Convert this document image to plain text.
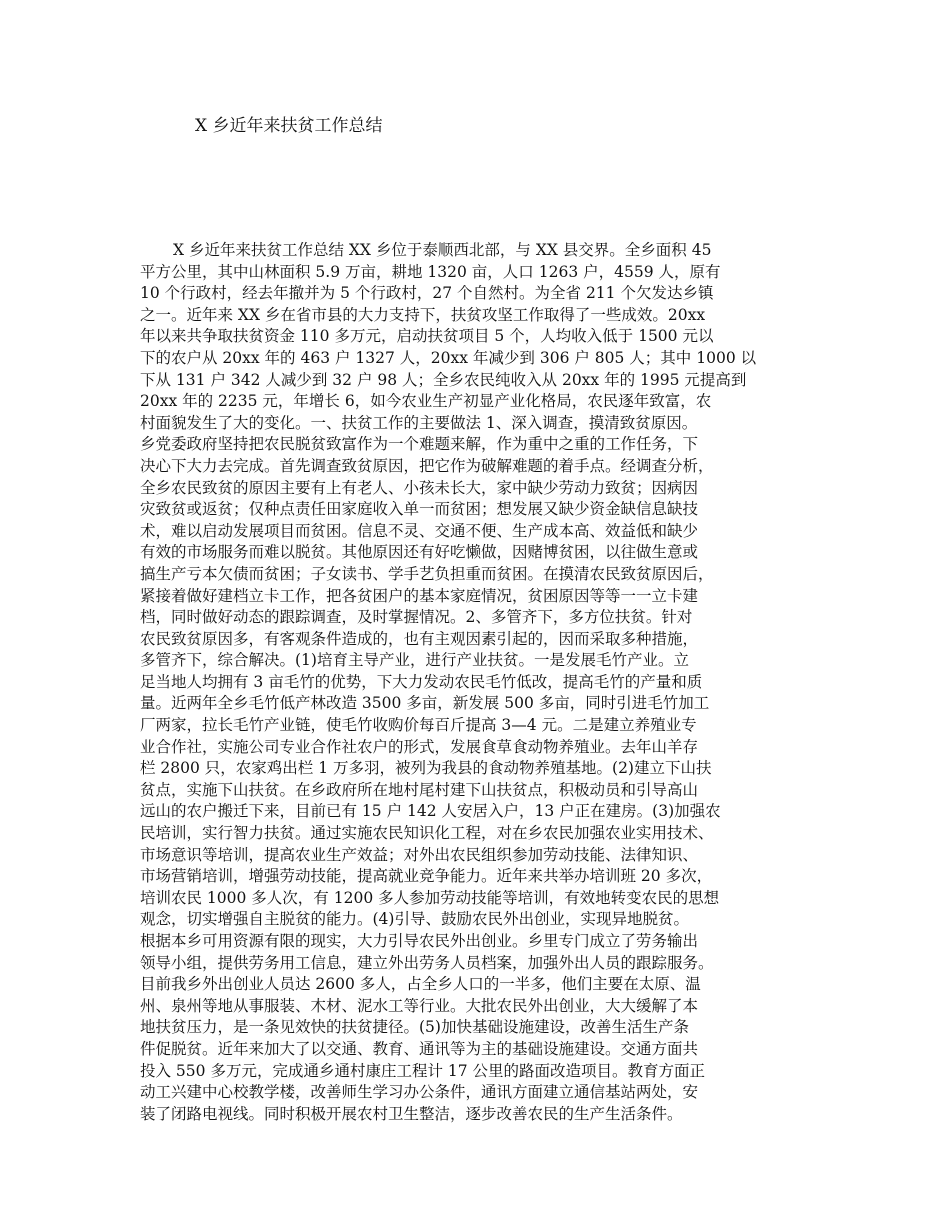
X 乡近年来扶贫工作总结
X 乡近年来扶贫工作总结 XX 乡位于泰顺西北部，与 XX 县交界。全乡面积 45
平方公里，其中山林面积 5.9 万亩，耕地 1320 亩，人口 1263 户，4559 人，原有
10 个行政村，经去年撤并为 5 个行政村，27 个自然村。为全省 211 个欠发达乡镇
之一。近年来 XX 乡在省市县的大力支持下，扶贫攻坚工作取得了一些成效。20xx
年以来共争取扶贫资金 110 多万元，启动扶贫项目 5 个，人均收入低于 1500 元以
下的农户从 20xx 年的 463 户 1327 人，20xx 年减少到 306 户 805 人；其中 1000 以
下从 131 户 342 人减少到 32 户 98 人；全乡农民纯收入从 20xx 年的 1995 元提高到
20xx 年的 2235 元，年增长 6，如今农业生产初显产业化格局，农民逐年致富，农
村面貌发生了大的变化。一、扶贫工作的主要做法 1、深入调查，摸清致贫原因。
乡党委政府坚持把农民脱贫致富作为一个难题来解，作为重中之重的工作任务，下
决心下大力去完成。首先调查致贫原因，把它作为破解难题的着手点。经调查分析，
全乡农民致贫的原因主要有上有老人、小孩未长大，家中缺少劳动力致贫；因病因
灾致贫或返贫；仅种点责任田家庭收入单一而贫困；想发展又缺少资金缺信息缺技
术，难以启动发展项目而贫困。信息不灵、交通不便、生产成本高、效益低和缺少
有效的市场服务而难以脱贫。其他原因还有好吃懒做，因赌博贫困，以往做生意或
搞生产亏本欠债而贫困；子女读书、学手艺负担重而贫困。在摸清农民致贫原因后，
紧接着做好建档立卡工作，把各贫困户的基本家庭情况，贫困原因等等一一立卡建
档，同时做好动态的跟踪调查，及时掌握情况。2、多管齐下，多方位扶贫。针对
农民致贫原因多，有客观条件造成的，也有主观因素引起的，因而采取多种措施，
多管齐下，综合解决。(1)培育主导产业，进行产业扶贫。一是发展毛竹产业。立
足当地人均拥有 3 亩毛竹的优势，下大力发动农民毛竹低改，提高毛竹的产量和质
量。近两年全乡毛竹低产林改造 3500 多亩，新发展 500 多亩，同时引进毛竹加工
厂两家，拉长毛竹产业链，使毛竹收购价每百斤提高 3—4 元。二是建立养殖业专
业合作社，实施公司专业合作社农户的形式，发展食草食动物养殖业。去年山羊存
栏 2800 只，农家鸡出栏 1 万多羽，被列为我县的食动物养殖基地。(2)建立下山扶
贫点，实施下山扶贫。在乡政府所在地村尾村建下山扶贫点，积极动员和引导高山
远山的农户搬迁下来，目前已有 15 户 142 人安居入户，13 户正在建房。(3)加强农
民培训，实行智力扶贫。通过实施农民知识化工程，对在乡农民加强农业实用技术、
市场意识等培训，提高农业生产效益；对外出农民组织参加劳动技能、法律知识、
市场营销培训，增强劳动技能，提高就业竞争能力。近年来共举办培训班 20 多次，
培训农民 1000 多人次，有 1200 多人参加劳动技能等培训，有效地转变农民的思想
观念，切实增强自主脱贫的能力。(4)引导、鼓励农民外出创业，实现异地脱贫。
根据本乡可用资源有限的现实，大力引导农民外出创业。乡里专门成立了劳务输出
领导小组，提供劳务用工信息，建立外出劳务人员档案，加强外出人员的跟踪服务。
目前我乡外出创业人员达 2600 多人，占全乡人口的一半多，他们主要在太原、温
州、泉州等地从事服装、木材、泥水工等行业。大批农民外出创业，大大缓解了本
地扶贫压力，是一条见效快的扶贫捷径。(5)加快基础设施建设，改善生活生产条
件促脱贫。近年来加大了以交通、教育、通讯等为主的基础设施建设。交通方面共
投入 550 多万元，完成通乡通村康庄工程计 17 公里的路面改造项目。教育方面正
动工兴建中心校教学楼，改善师生学习办公条件，通讯方面建立通信基站两处，安
装了闭路电视线。同时积极开展农村卫生整洁，逐步改善农民的生产生活条件。
